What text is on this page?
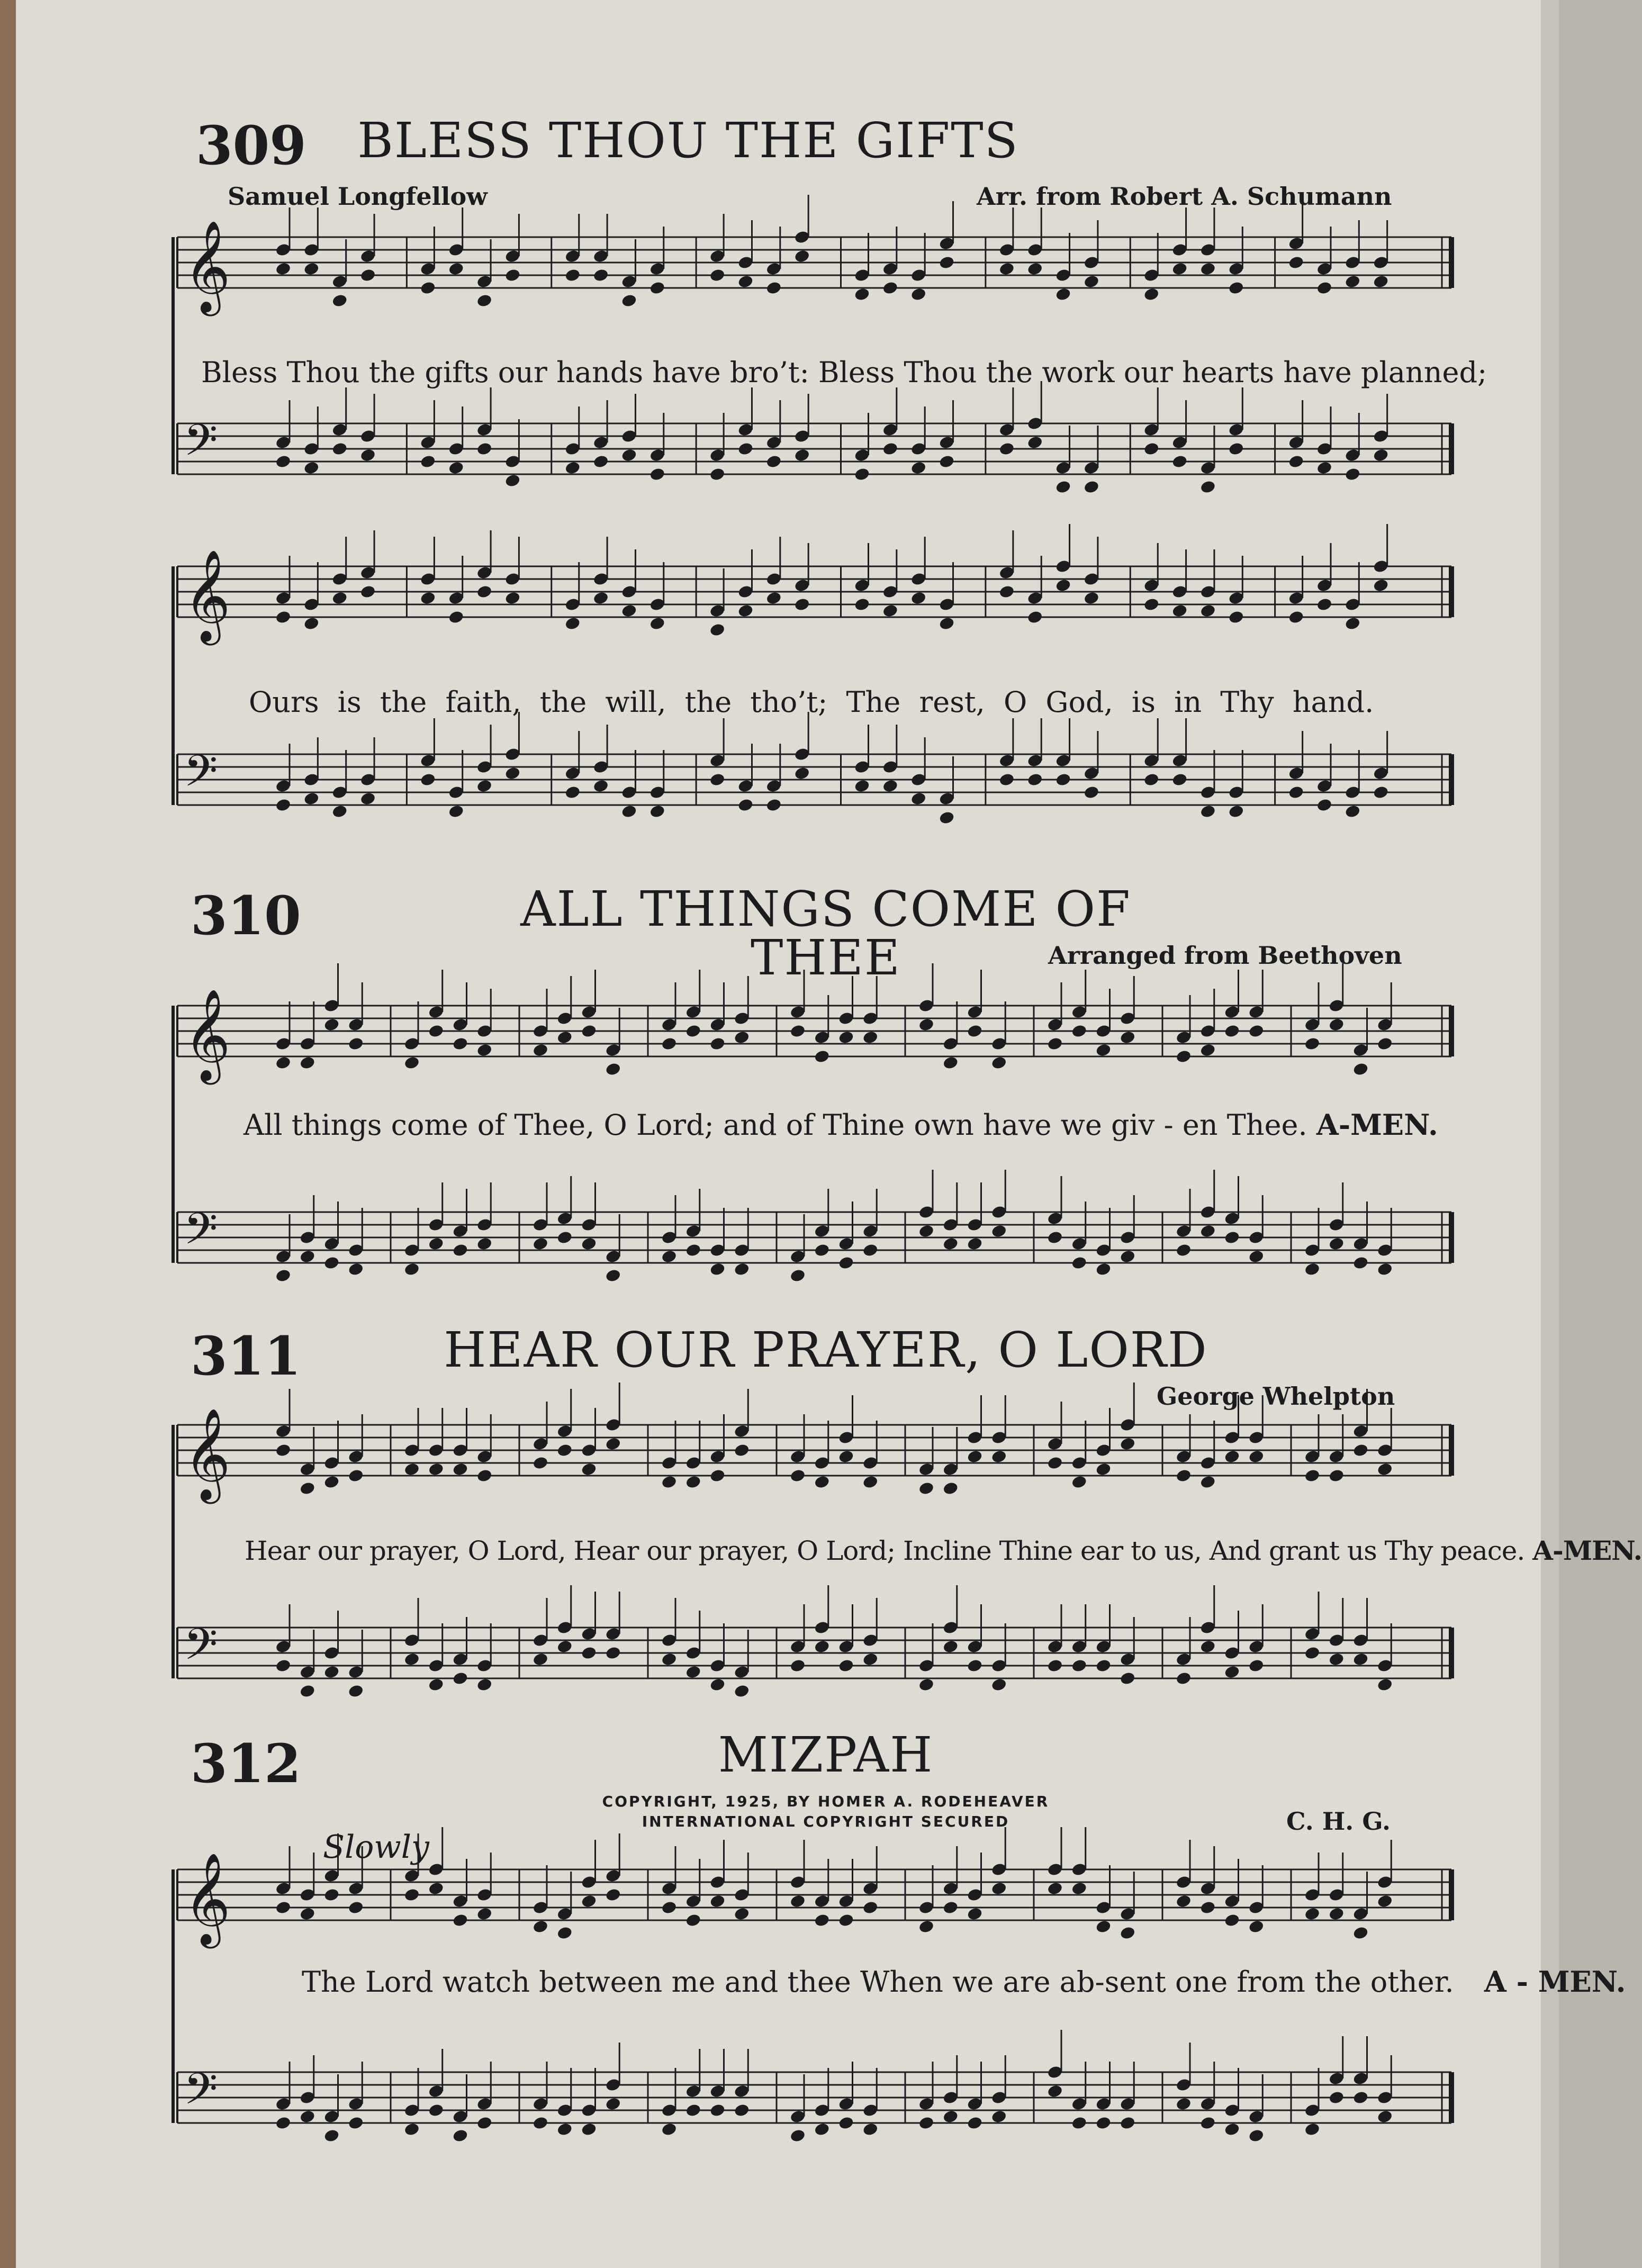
𝄞
𝄢
𝄞
𝄢
𝄞
𝄢
𝄞
𝄢
𝄞
𝄢
309	BLESS THOU THE GIFTS
Samuel Longfellow	Arr. from Robert A. Schumann
Bless Thou the gifts our hands have bro’t: Bless Thou the work our hearts have planned;
Ours is the faith, the will, the tho’t; The rest, O God, is in Thy hand.
310	ALL THINGS COME OF THEE	Arranged from Beethoven
All things come of Thee, O Lord; and of Thine own have we giv - en Thee. A-MEN.
311	HEAR OUR PRAYER, O LORD
George Whelpton
Hear our prayer, O Lord, Hear our prayer, O Lord; Incline Thine ear to us, And grant us Thy peace. A-MEN.
312	MIZPAH
COPYRIGHT, 1925, BY HOMER A. RODEHEAVER
INTERNATIONAL COPYRIGHT SECURED	C. H. G.
Slowly
The Lord watch between me and thee When we are ab-sent one from the other. A - MEN.
